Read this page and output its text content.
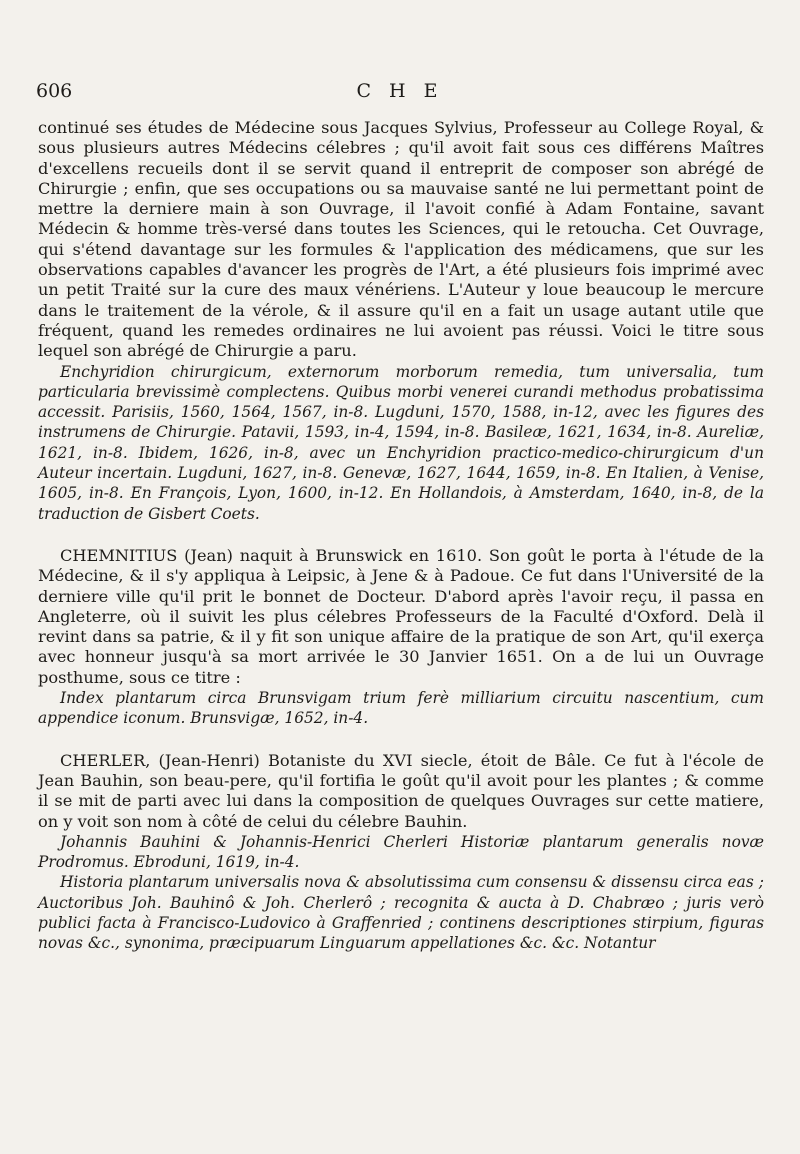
606	C H E

continué ses études de Médecine sous Jacques Sylvius, Professeur au College Royal, & sous plusieurs autres Médecins célebres ; qu'il avoit fait sous ces différens Maîtres d'excellens recueils dont il se servit quand il entreprit de composer son abrégé de Chirurgie ; enfin, que ses occupations ou sa mauvaise santé ne lui permettant point de mettre la derniere main à son Ouvrage, il l'avoit confié à Adam Fontaine, savant Médecin & homme très-versé dans toutes les Sciences, qui le retoucha. Cet Ouvrage, qui s'étend davantage sur les formules & l'application des médicamens, que sur les observations capables d'avancer les progrès de l'Art, a été plusieurs fois imprimé avec un petit Traité sur la cure des maux vénériens. L'Auteur y loue beaucoup le mercure dans le traitement de la vérole, & il assure qu'il en a fait un usage autant utile que fréquent, quand les remedes ordinaires ne lui avoient pas réussi. Voici le titre sous lequel son abrégé de Chirurgie a paru.

Enchyridion chirurgicum, externorum morborum remedia, tum universalia, tum particularia brevissimè complectens. Quibus morbi venerei curandi methodus probatissima accessit. Parisiis, 1560, 1564, 1567, in-8. Lugduni, 1570, 1588, in-12, avec les figures des instrumens de Chirurgie. Patavii, 1593, in-4, 1594, in-8. Basileæ, 1621, 1634, in-8. Aureliæ, 1621, in-8. Ibidem, 1626, in-8, avec un Enchyridion practico-medico-chirurgicum d'un Auteur incertain. Lugduni, 1627, in-8. Genevæ, 1627, 1644, 1659, in-8. En Italien, à Venise, 1605, in-8. En François, Lyon, 1600, in-12. En Hollandois, à Amsterdam, 1640, in-8, de la traduction de Gisbert Coets.

CHEMNITIUS (Jean) naquit à Brunswick en 1610. Son goût le porta à l'étude de la Médecine, & il s'y appliqua à Leipsic, à Jene & à Padoue. Ce fut dans l'Université de la derniere ville qu'il prit le bonnet de Docteur. D'abord après l'avoir reçu, il passa en Angleterre, où il suivit les plus célebres Professeurs de la Faculté d'Oxford. Delà il revint dans sa patrie, & il y fit son unique affaire de la pratique de son Art, qu'il exerça avec honneur jusqu'à sa mort arrivée le 30 Janvier 1651. On a de lui un Ouvrage posthume, sous ce titre :

Index plantarum circa Brunsvigam trium ferè milliarium circuitu nascentium, cum appendice iconum. Brunsvigæ, 1652, in-4.

CHERLER, (Jean-Henri) Botaniste du XVI siecle, étoit de Bâle. Ce fut à l'école de Jean Bauhin, son beau-pere, qu'il fortifia le goût qu'il avoit pour les plantes ; & comme il se mit de parti avec lui dans la composition de quelques Ouvrages sur cette matiere, on y voit son nom à côté de celui du célebre Bauhin.

Johannis Bauhini & Johannis-Henrici Cherleri Historiæ plantarum generalis novæ Prodromus. Ebroduni, 1619, in-4.

Historia plantarum universalis nova & absolutissima cum consensu & dissensu circa eas ; Auctoribus Joh. Bauhinô & Joh. Cherlerô ; recognita & aucta à D. Chabræo ; juris verò publici facta à Francisco-Ludovico à Graffenried ; continens descriptiones stirpium, figuras novas &c., synonima, præcipuarum Linguarum appellationes &c. &c. Notantur
